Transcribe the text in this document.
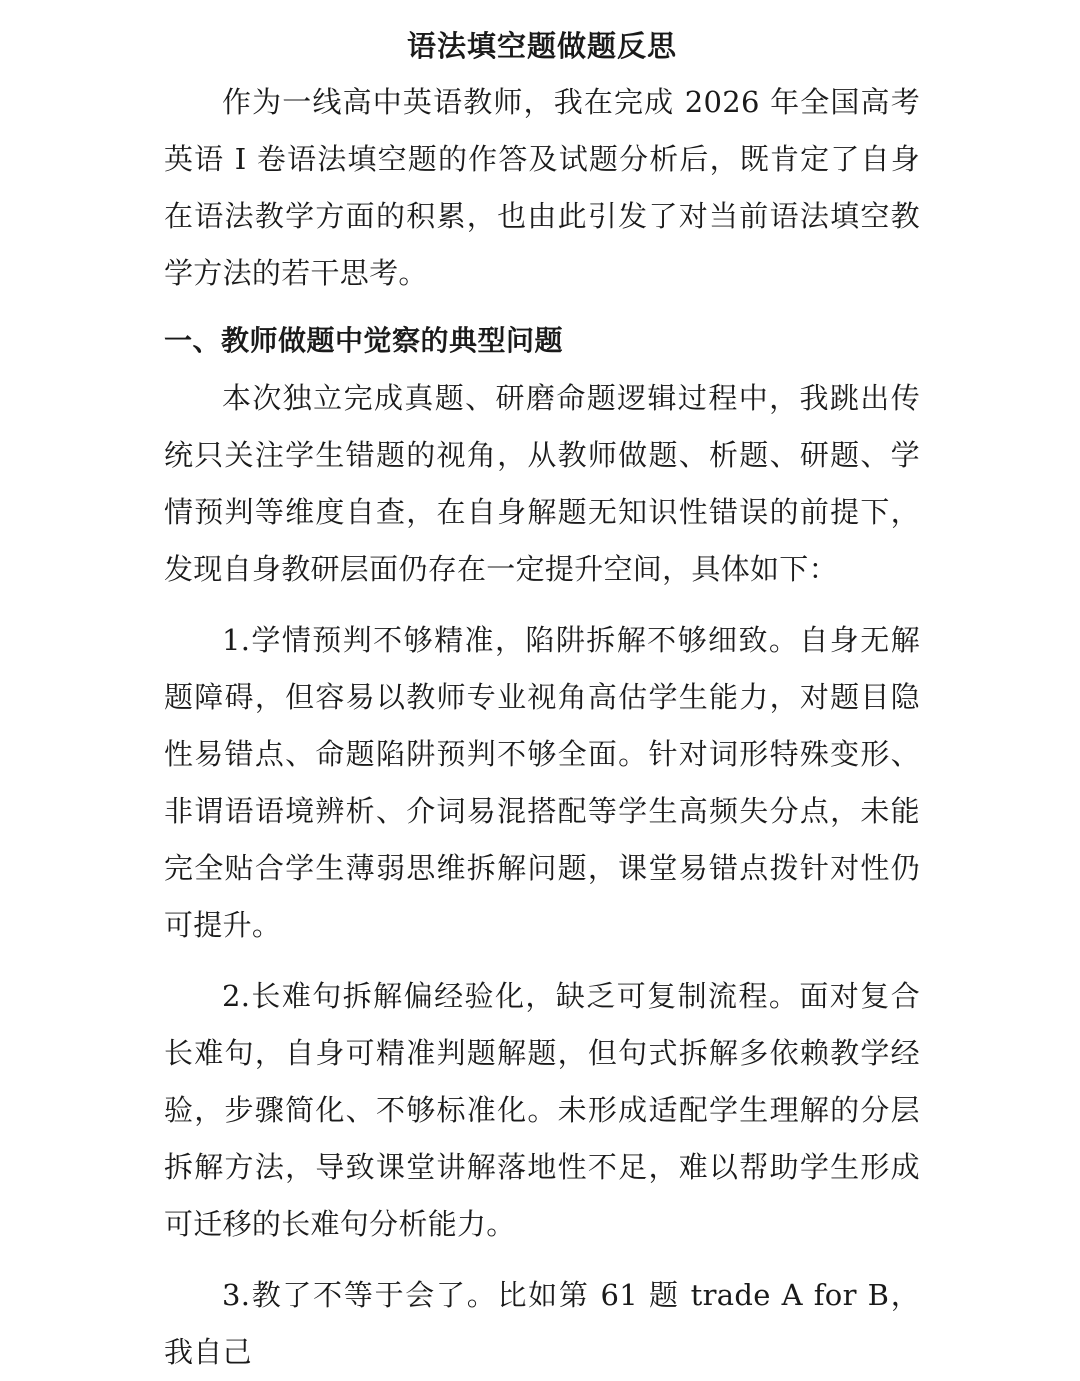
语法填空题做题反思

作为一线高中英语教师，我在完成 2026 年全国高考英语 I 卷语法填空题的作答及试题分析后，既肯定了自身在语法教学方面的积累，也由此引发了对当前语法填空教学方法的若干思考。

一、教师做题中觉察的典型问题

本次独立完成真题、研磨命题逻辑过程中，我跳出传统只关注学生错题的视角，从教师做题、析题、研题、学情预判等维度自查，在自身解题无知识性错误的前提下，发现自身教研层面仍存在一定提升空间，具体如下：

1.学情预判不够精准，陷阱拆解不够细致。自身无解题障碍，但容易以教师专业视角高估学生能力，对题目隐性易错点、命题陷阱预判不够全面。针对词形特殊变形、非谓语语境辨析、介词易混搭配等学生高频失分点，未能完全贴合学生薄弱思维拆解问题，课堂易错点拨针对性仍可提升。

2.长难句拆解偏经验化，缺乏可复制流程。面对复合长难句，自身可精准判题解题，但句式拆解多依赖教学经验，步骤简化、不够标准化。未形成适配学生理解的分层拆解方法，导致课堂讲解落地性不足，难以帮助学生形成可迁移的长难句分析能力。

3.教了不等于会了。比如第 61 题 trade A for B，我自己
